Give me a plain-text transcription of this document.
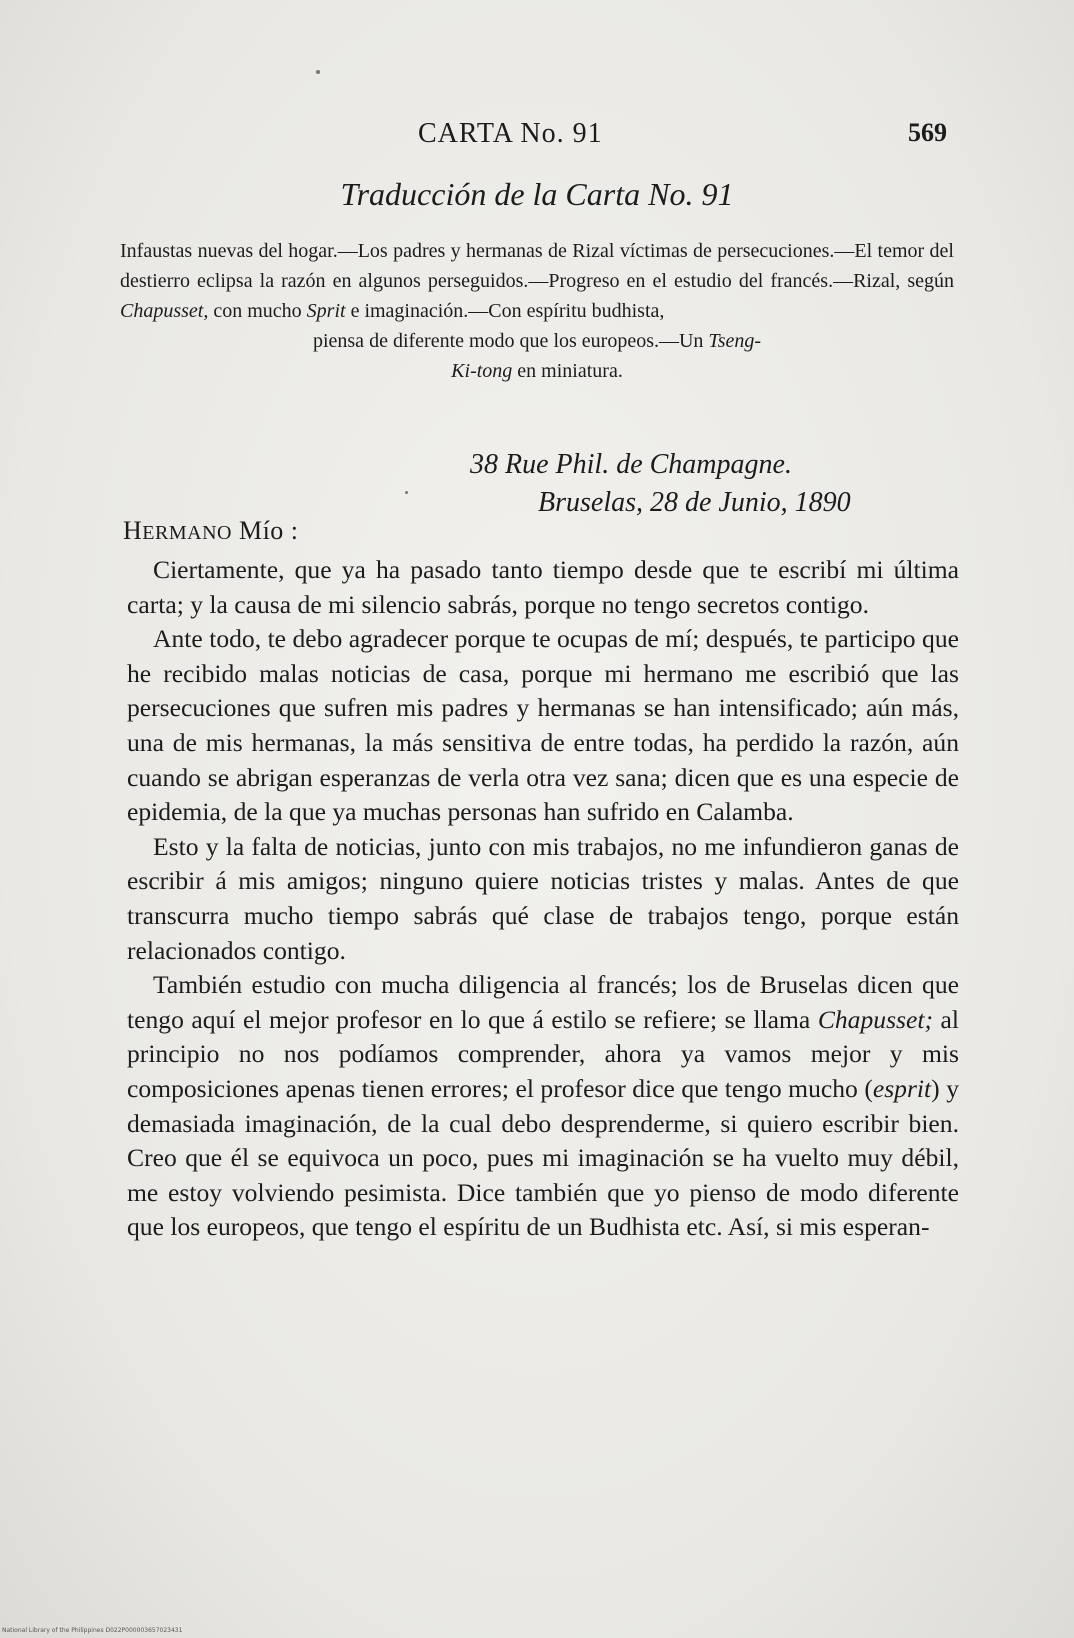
CARTA No. 91	569
Traducción de la Carta No. 91

Infaustas nuevas del hogar.—Los padres y hermanas de Rizal víctimas de persecuciones.—El temor del destierro eclipsa la razón en algunos perseguidos.—Progreso en el estudio del francés.—Rizal, según Chapusset, con mucho Sprit e imaginación.—Con espíritu budhista,

piensa de diferente modo que los europeos.—Un Tseng-

Ki-tong en miniatura.

38 Rue Phil. de Champagne.
Bruselas, 28 de Junio, 1890
HERMANO Mío :

Ciertamente, que ya ha pasado tanto tiempo desde que te escribí mi última carta; y la causa de mi silencio sabrás, porque no tengo secretos contigo.

Ante todo, te debo agradecer porque te ocupas de mí; después, te participo que he recibido malas noticias de casa, porque mi hermano me escribió que las persecuciones que sufren mis padres y hermanas se han intensificado; aún más, una de mis hermanas, la más sensitiva de entre todas, ha perdido la razón, aún cuando se abrigan esperanzas de verla otra vez sana; dicen que es una especie de epidemia, de la que ya muchas personas han sufrido en Calamba.

Esto y la falta de noticias, junto con mis trabajos, no me infundieron ganas de escribir á mis amigos; ninguno quiere noticias tristes y malas. Antes de que transcurra mucho tiempo sabrás qué clase de trabajos tengo, porque están relacionados contigo.

También estudio con mucha diligencia al francés; los de Bruselas dicen que tengo aquí el mejor profesor en lo que á estilo se refiere; se llama Chapusset; al principio no nos podíamos comprender, ahora ya vamos mejor y mis composiciones apenas tienen errores; el profesor dice que tengo mucho (esprit) y demasiada imaginación, de la cual debo desprenderme, si quiero escribir bien. Creo que él se equivoca un poco, pues mi imaginación se ha vuelto muy débil, me estoy volviendo pesimista. Dice también que yo pienso de modo diferente que los europeos, que tengo el espíritu de un Budhista etc. Así, si mis esperan-

National Library of the Philippines D022P000003657023431
